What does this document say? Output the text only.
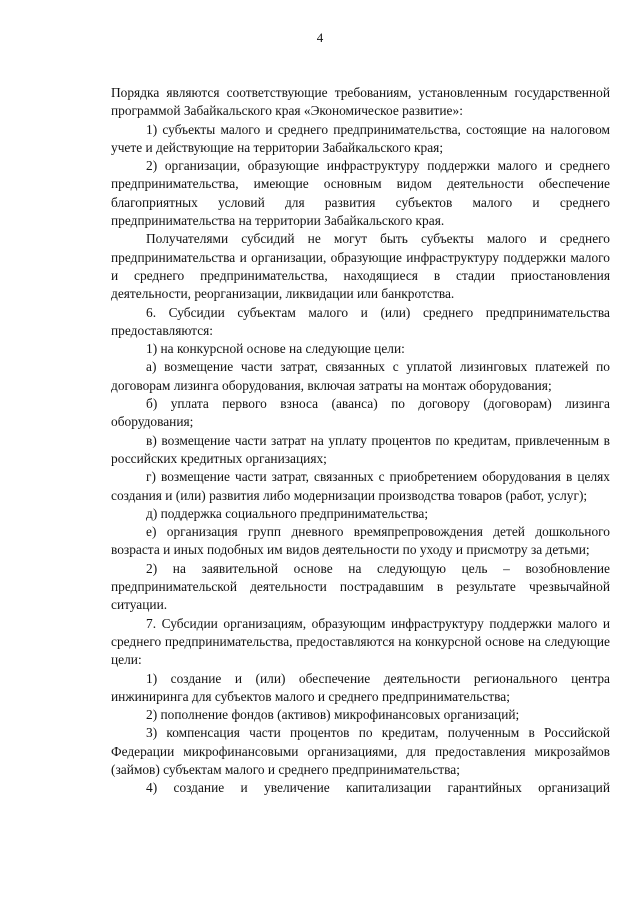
4

Порядка являются соответствующие требованиям, установленным государственной программой Забайкальского края «Экономическое развитие»:

1) субъекты малого и среднего предпринимательства, состоящие на налоговом учете и действующие на территории Забайкальского края;

2) организации, образующие инфраструктуру поддержки малого и среднего предпринимательства, имеющие основным видом деятельности обеспечение благоприятных условий для развития субъектов малого и среднего предпринимательства на территории Забайкальского края.

Получателями субсидий не могут быть субъекты малого и среднего предпринимательства и организации, образующие инфраструктуру поддержки малого и среднего предпринимательства, находящиеся в стадии приостановления деятельности, реорганизации, ликвидации или банкротства.

6. Субсидии субъектам малого и (или) среднего предпринимательства предоставляются:

1) на конкурсной основе на следующие цели:

а) возмещение части затрат, связанных с уплатой лизинговых платежей по договорам лизинга оборудования, включая затраты на монтаж оборудования;

б) уплата первого взноса (аванса) по договору (договорам) лизинга оборудования;

в) возмещение части затрат на уплату процентов по кредитам, привлеченным в российских кредитных организациях;

г) возмещение части затрат, связанных с приобретением оборудования в целях создания и (или) развития либо модернизации производства товаров (работ, услуг);

д) поддержка социального предпринимательства;

е) организация групп дневного времяпрепровождения детей дошкольного возраста и иных подобных им видов деятельности по уходу и присмотру за детьми;

2) на заявительной основе на следующую цель – возобновление предпринимательской деятельности пострадавшим в результате чрезвычайной ситуации.

7. Субсидии организациям, образующим инфраструктуру поддержки малого и среднего предпринимательства, предоставляются на конкурсной основе на следующие цели:

1) создание и (или) обеспечение деятельности регионального центра инжиниринга для субъектов малого и среднего предпринимательства;

2) пополнение фондов (активов) микрофинансовых организаций;

3) компенсация части процентов по кредитам, полученным в Российской Федерации микрофинансовыми организациями, для предоставления микрозаймов (займов) субъектам малого и среднего предпринимательства;

4) создание и увеличение капитализации гарантийных организаций
